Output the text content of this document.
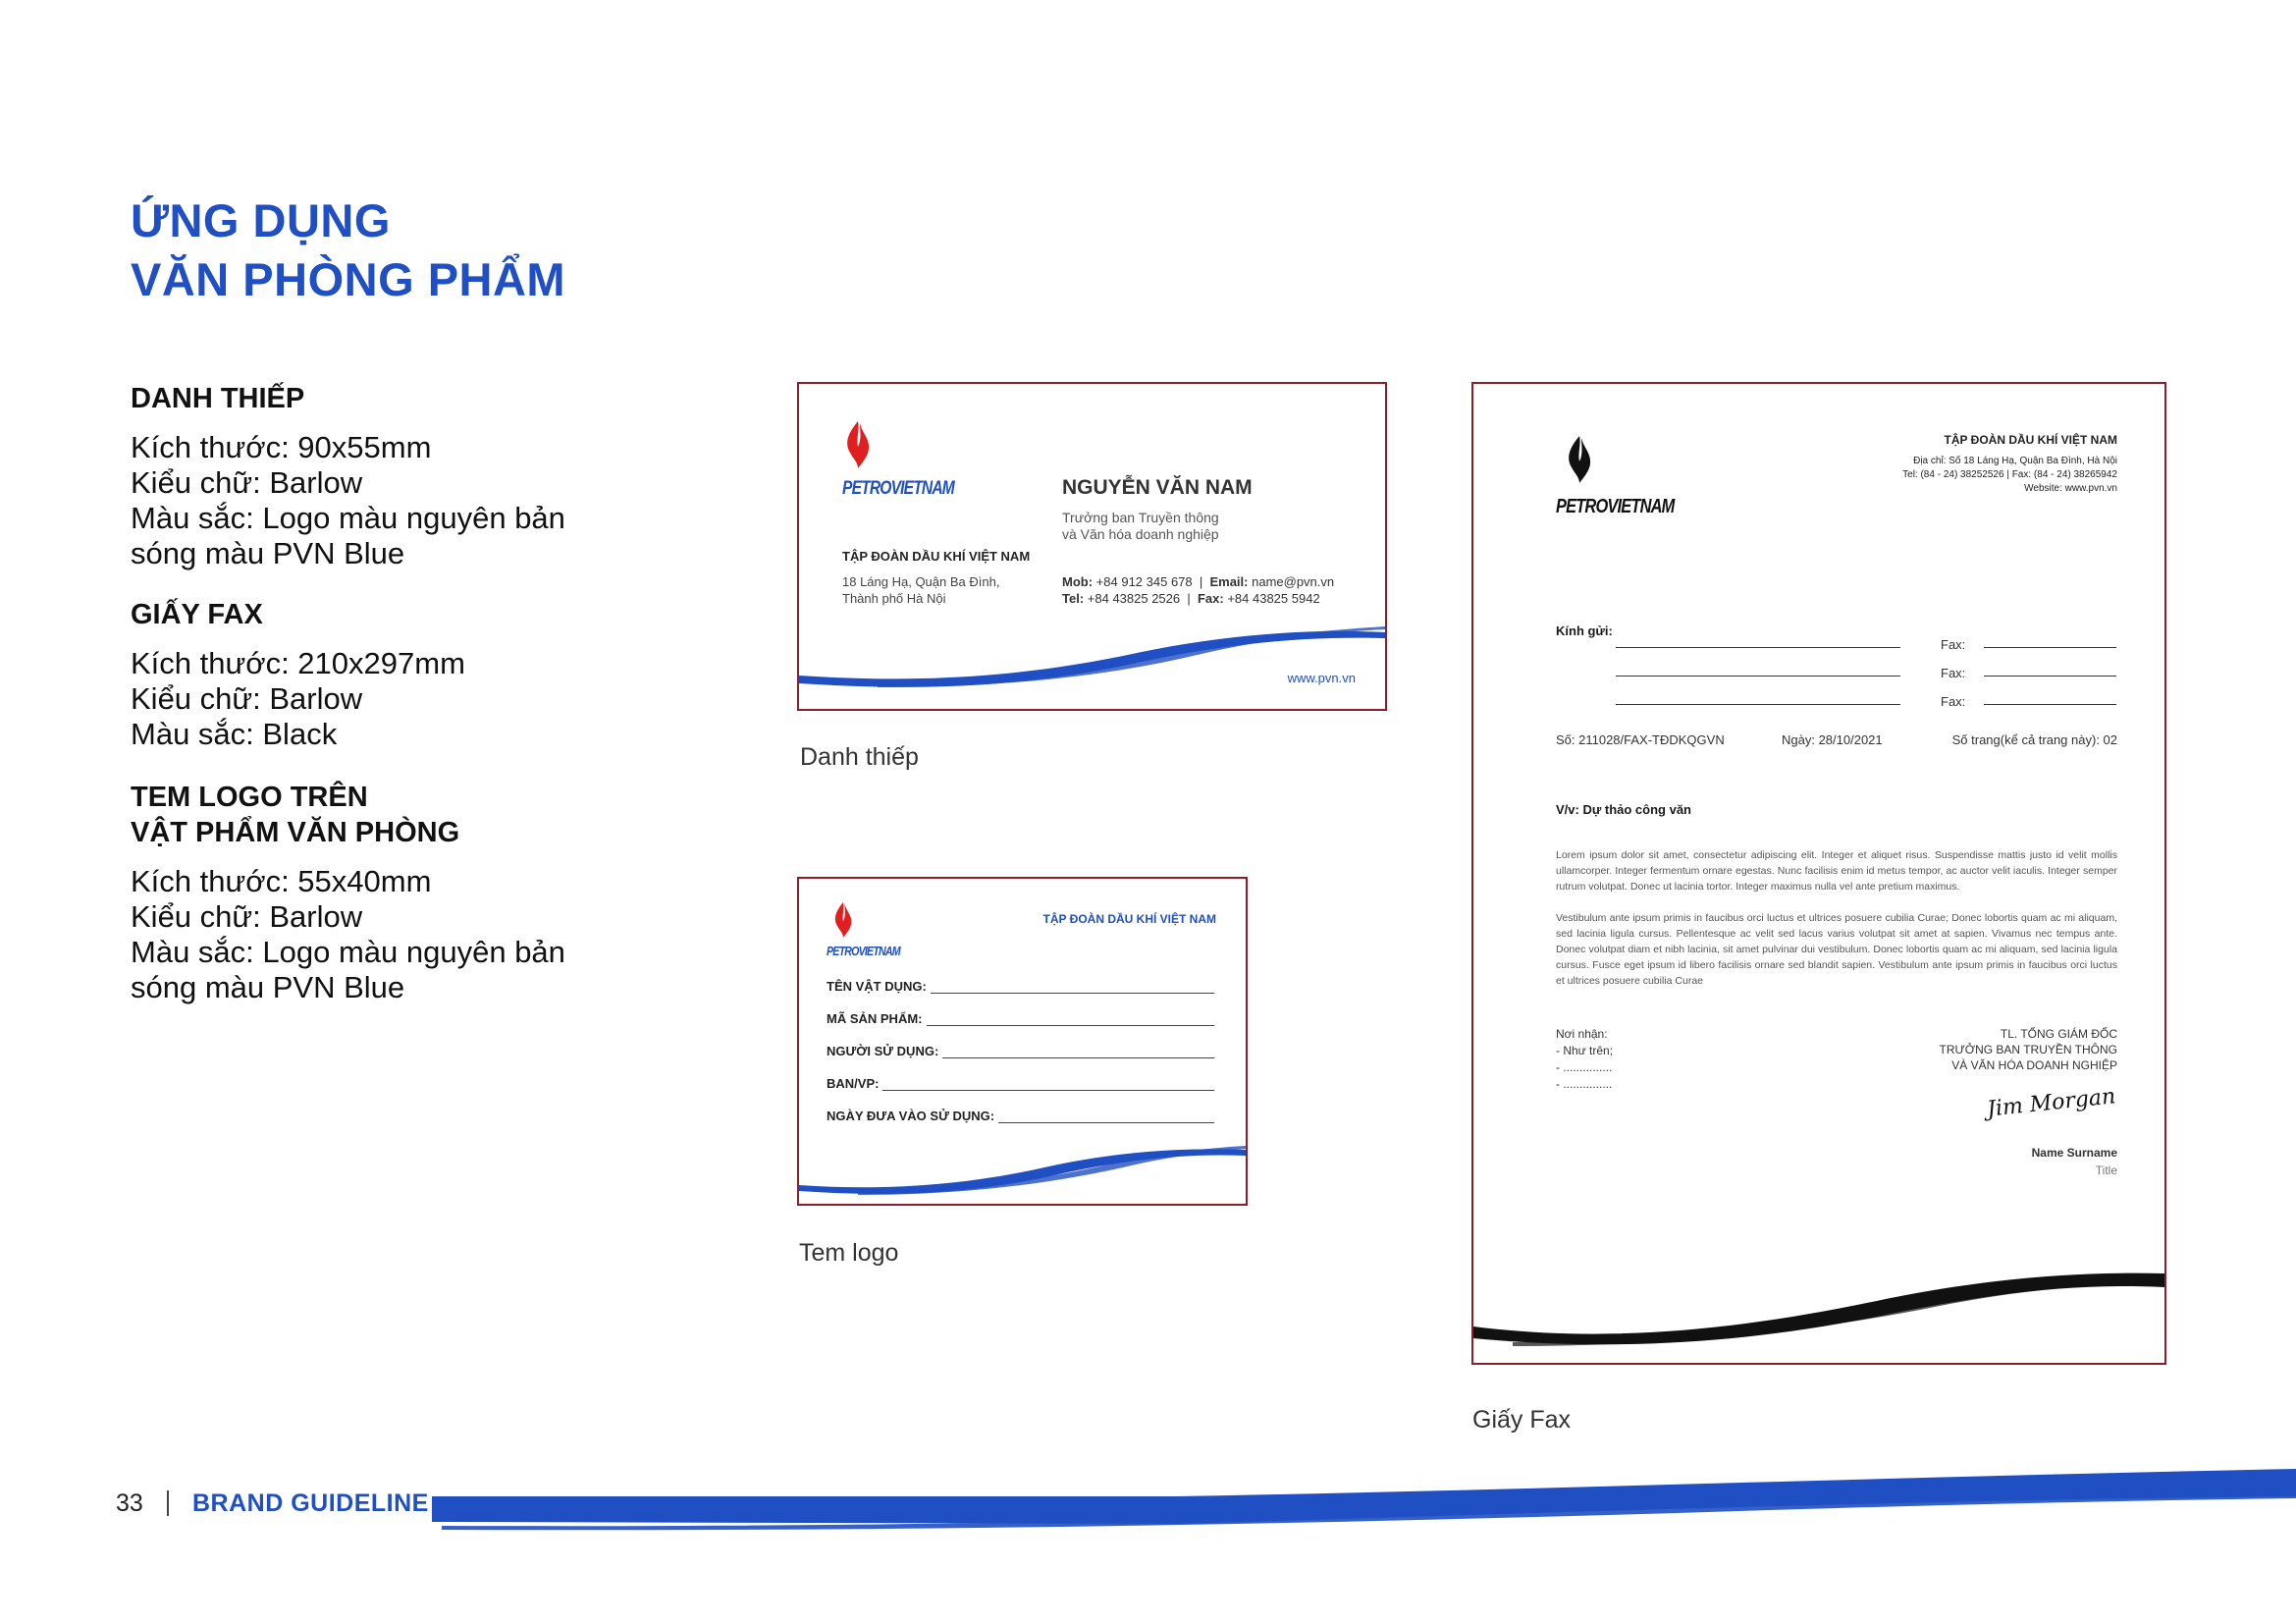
ỨNG DỤNG
VĂN PHÒNG PHẨM
DANH THIẾP
Kích thước: 90x55mm
Kiểu chữ: Barlow
Màu sắc: Logo màu nguyên bản
sóng màu PVN Blue
GIẤY FAX
Kích thước: 210x297mm
Kiểu chữ: Barlow
Màu sắc: Black
TEM LOGO TRÊN
VẬT PHẨM VĂN PHÒNG
Kích thước: 55x40mm
Kiểu chữ: Barlow
Màu sắc: Logo màu nguyên bản
sóng màu PVN Blue
PETROVIETNAM
TẬP ĐOÀN DẦU KHÍ VIỆT NAM
18 Láng Hạ, Quận Ba Đình,
Thành phố Hà Nội
NGUYỄN VĂN NAM
Trưởng ban Truyền thông
và Văn hóa doanh nghiệp
Mob: +84 912 345 678  |  Email: name@pvn.vn
Tel: +84 43825 2526  |  Fax: +84 43825 5942
www.pvn.vn
Danh thiếp
PETROVIETNAM
TẬP ĐOÀN DẦU KHÍ VIỆT NAM
TÊN VẬT DỤNG:
MÃ SẢN PHẨM:
NGƯỜI SỬ DỤNG:
BAN/VP:
NGÀY ĐƯA VÀO SỬ DỤNG:
Tem logo
PETROVIETNAM
TẬP ĐOÀN DẦU KHÍ VIỆT NAM
Địa chỉ: Số 18 Láng Hạ, Quận Ba Đình, Hà Nội
Tel: (84 - 24) 38252526 | Fax: (84 - 24) 38265942
Website: www.pvn.vn
Kính gửi:
Fax:
Fax:
Fax:
Số: 211028/FAX-TĐDKQGVN	Ngày: 28/10/2021	Số trang(kể cả trang này): 02
V/v: Dự thảo công văn
Lorem ipsum dolor sit amet, consectetur adipiscing elit. Integer et aliquet risus. Suspendisse mattis justo id velit mollis ullamcorper. Integer fermentum ornare egestas. Nunc facilisis enim id metus tempor, ac auctor velit iaculis. Integer semper rutrum volutpat. Donec ut lacinia tortor. Integer maximus nulla vel ante pretium maximus.
Vestibulum ante ipsum primis in faucibus orci luctus et ultrices posuere cubilia Curae; Donec lobortis quam ac mi aliquam, sed lacinia ligula cursus. Pellentesque ac velit sed lacus varius volutpat sit amet at sapien. Vivamus nec tempus ante. Donec volutpat diam et nibh lacinia, sit amet pulvinar dui vestibulum. Donec lobortis quam ac mi aliquam, sed lacinia ligula cursus. Fusce eget ipsum id libero facilisis ornare sed blandit sapien. Vestibulum ante ipsum primis in faucibus orci luctus et ultrices posuere cubilia Curae
Nơi nhận:
- Như trên;
- ...............
- ...............
TL. TỔNG GIÁM ĐỐC
TRƯỞNG BAN TRUYỀN THÔNG
VÀ VĂN HÓA DOANH NGHIỆP
Jim Morgan
Name Surname
Title
Giấy Fax
33 BRAND GUIDELINE
